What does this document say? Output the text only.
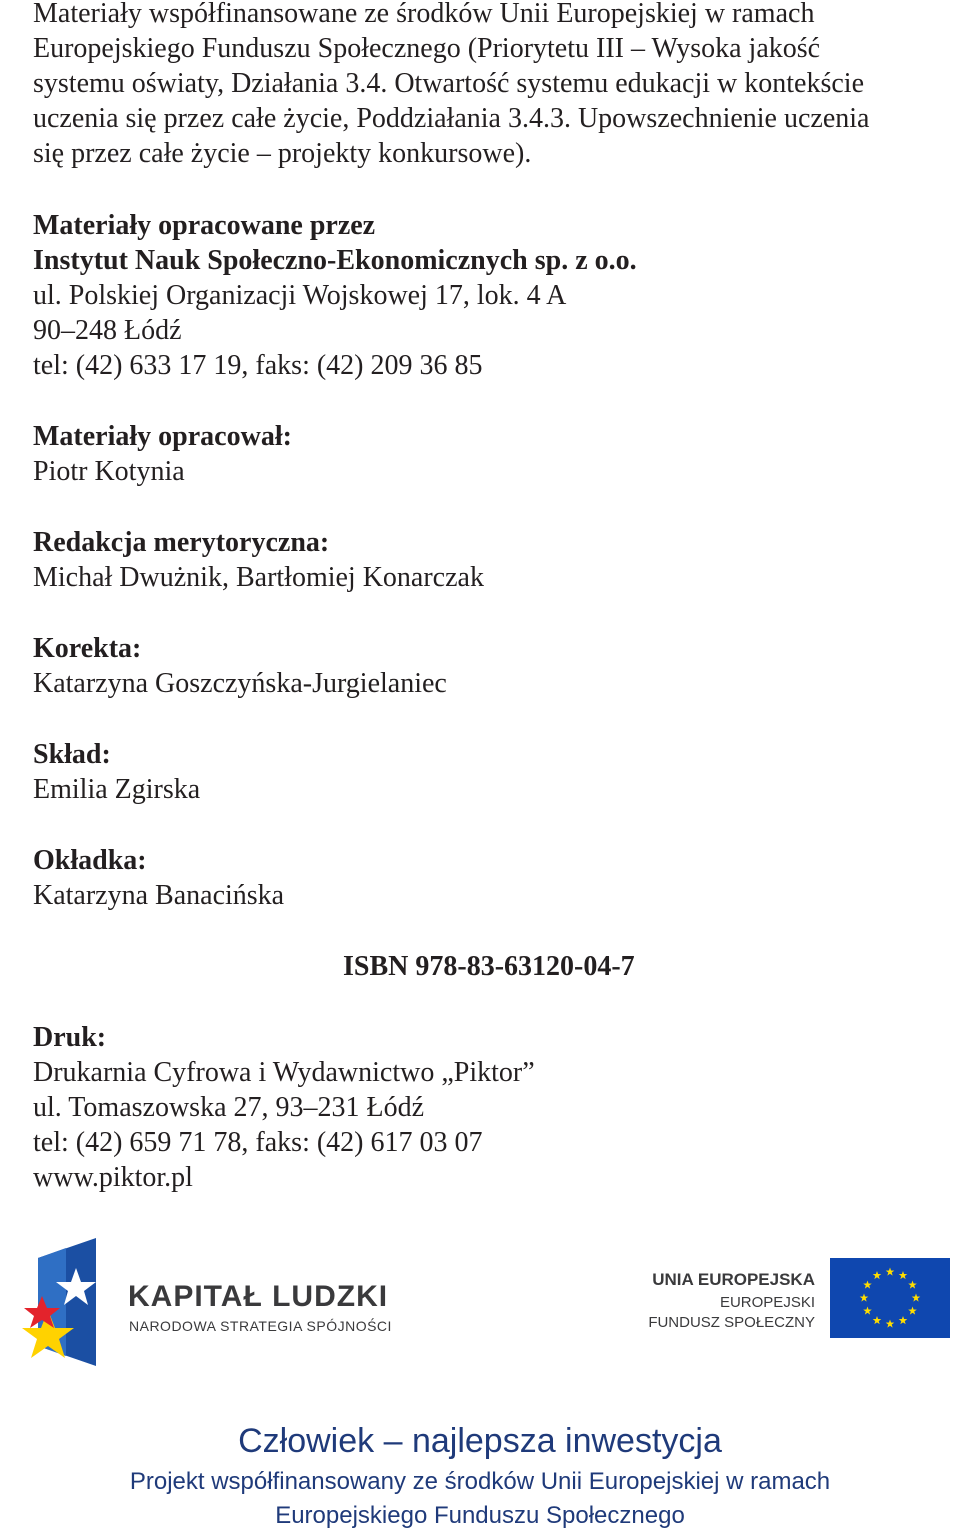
Materiały współfinansowane ze środków Unii Europejskiej w ramach
Europejskiego Funduszu Społecznego (Priorytetu III – Wysoka jakość
systemu oświaty, Działania 3.4. Otwartość systemu edukacji w kontekście
uczenia się przez całe życie, Poddziałania 3.4.3. Upowszechnienie uczenia
się przez całe życie – projekty konkursowe).
Materiały opracowane przez
Instytut Nauk Społeczno-Ekonomicznych sp. z o.o.
ul. Polskiej Organizacji Wojskowej 17, lok. 4 A
90–248 Łódź
tel: (42) 633 17 19, faks: (42) 209 36 85
Materiały opracował:
Piotr Kotynia
Redakcja merytoryczna:
Michał Dwużnik, Bartłomiej Konarczak
Korekta:
Katarzyna Goszczyńska-Jurgielaniec
Skład:
Emilia Zgirska
Okładka:
Katarzyna Banacińska
ISBN 978-83-63120-04-7
Druk:
Drukarnia Cyfrowa i Wydawnictwo „Piktor”
ul. Tomaszowska 27, 93–231 Łódź
tel: (42) 659 71 78, faks: (42) 617 03 07
www.piktor.pl
KAPITAŁ LUDZKI
NARODOWA STRATEGIA SPÓJNOŚCI
UNIA EUROPEJSKA
EUROPEJSKI
FUNDUSZ SPOŁECZNY
Człowiek – najlepsza inwestycja
Projekt współfinansowany ze środków Unii Europejskiej w ramach
Europejskiego Funduszu Społecznego
